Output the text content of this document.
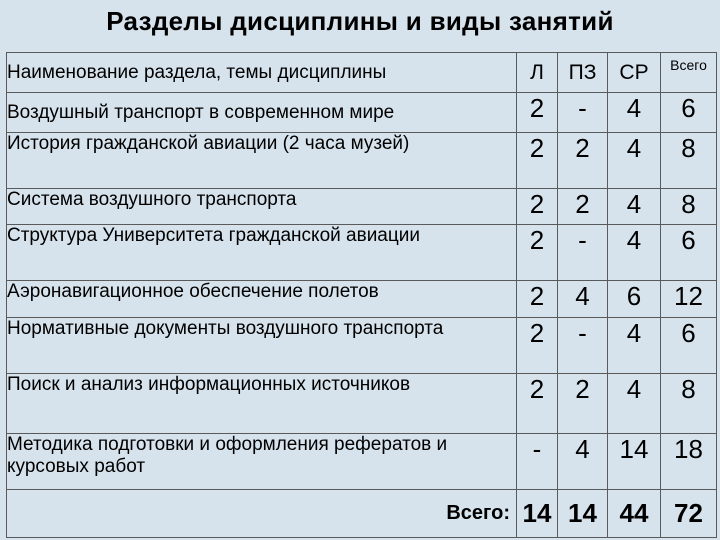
Разделы дисциплины и виды занятий
Наименование раздела, темы дисциплины	Л	ПЗ	СР	Всего
Воздушный транспорт в современном мире	2	-	4	6
История гражданской авиации (2 часа музей)	2	2	4	8
Система воздушного транспорта	2	2	4	8
Структура Университета гражданской авиации	2	-	4	6
Аэронавигационное обеспечение полетов	2	4	6	12
Нормативные документы воздушного транспорта	2	-	4	6
Поиск и анализ информационных источников	2	2	4	8
Методика подготовки и оформления рефератов и курсовых работ	-	4	14	18
Всего:	14	14	44	72
